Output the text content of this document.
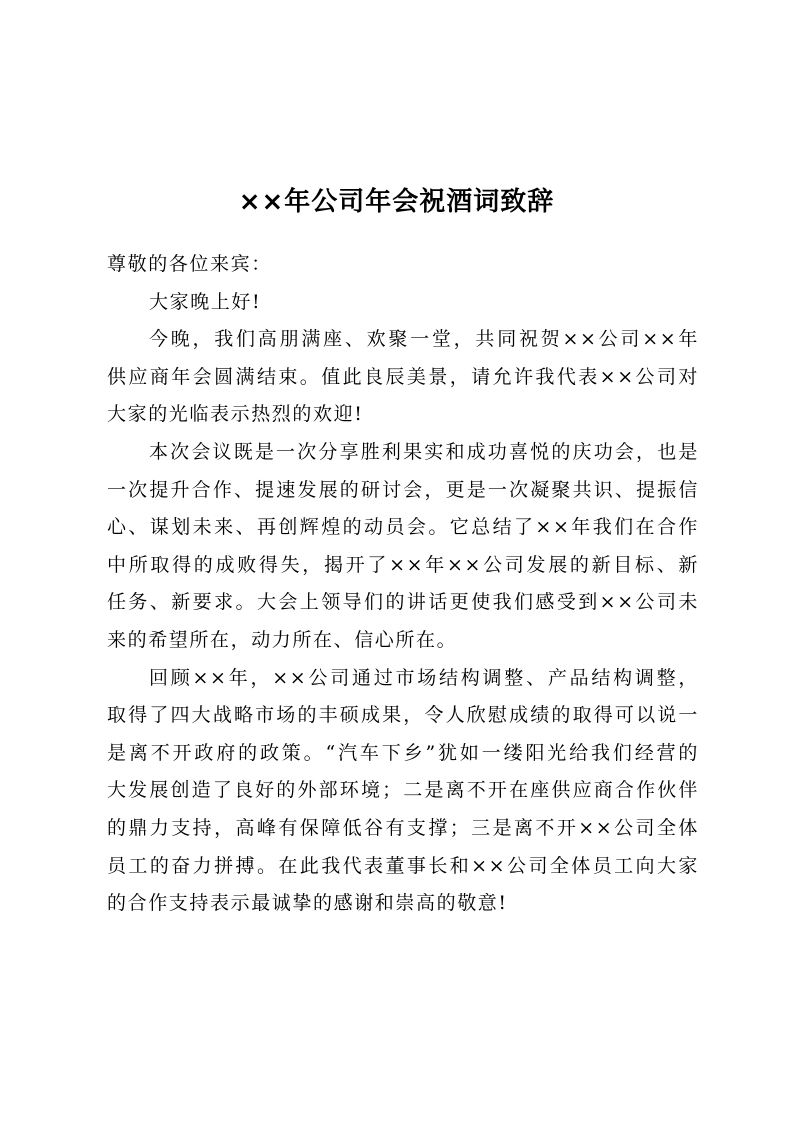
××年公司年会祝酒词致辞
尊敬的各位来宾：
大家晚上好!
今晚，我们高朋满座、欢聚一堂，共同祝贺××公司××年
供应商年会圆满结束。值此良辰美景，请允许我代表××公司对
大家的光临表示热烈的欢迎!
本次会议既是一次分享胜利果实和成功喜悦的庆功会，也是
一次提升合作、提速发展的研讨会，更是一次凝聚共识、提振信
心、谋划未来、再创辉煌的动员会。它总结了××年我们在合作
中所取得的成败得失，揭开了××年××公司发展的新目标、新
任务、新要求。大会上领导们的讲话更使我们感受到××公司未
来的希望所在，动力所在、信心所在。
回顾××年，××公司通过市场结构调整、产品结构调整，
取得了四大战略市场的丰硕成果，令人欣慰成绩的取得可以说一
是离不开政府的政策。“汽车下乡”犹如一缕阳光给我们经营的
大发展创造了良好的外部环境；二是离不开在座供应商合作伙伴
的鼎力支持，高峰有保障低谷有支撑；三是离不开××公司全体
员工的奋力拼搏。在此我代表董事长和××公司全体员工向大家
的合作支持表示最诚挚的感谢和崇高的敬意!
